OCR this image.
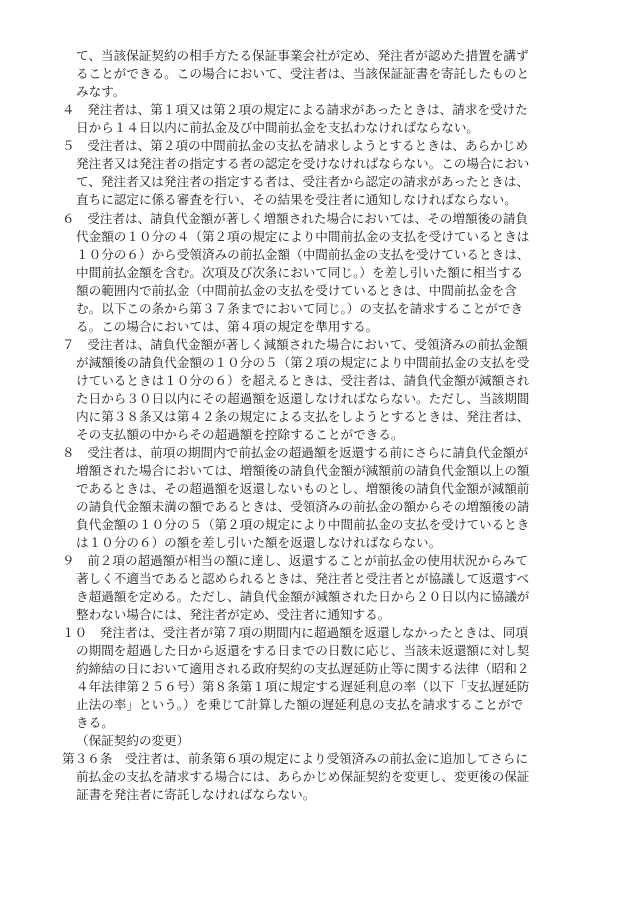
て、当該保証契約の相手方たる保証事業会社が定め、発注者が認めた措置を講ず
ることができる。この場合において、受注者は、当該保証証書を寄託したものと
みなす。
４　発注者は、第１項又は第２項の規定による請求があったときは、請求を受けた
日から１４日以内に前払金及び中間前払金を支払わなければならない。
５　受注者は、第２項の中間前払金の支払を請求しようとするときは、あらかじめ
発注者又は発注者の指定する者の認定を受けなければならない。この場合におい
て、発注者又は発注者の指定する者は、受注者から認定の請求があったときは、
直ちに認定に係る審査を行い、その結果を受注者に通知しなければならない。
６　受注者は、請負代金額が著しく増額された場合においては、その増額後の請負
代金額の１０分の４（第２項の規定により中間前払金の支払を受けているときは
１０分の６）から受領済みの前払金額（中間前払金の支払を受けているときは、
中間前払金額を含む。次項及び次条において同じ。）を差し引いた額に相当する
額の範囲内で前払金（中間前払金の支払を受けているときは、中間前払金を含
む。以下この条から第３７条までにおいて同じ。）の支払を請求することができ
る。この場合においては、第４項の規定を準用する。
７　受注者は、請負代金額が著しく減額された場合において、受領済みの前払金額
が減額後の請負代金額の１０分の５（第２項の規定により中間前払金の支払を受
けているときは１０分の６）を超えるときは、受注者は、請負代金額が減額され
た日から３０日以内にその超過額を返還しなければならない。ただし、当該期間
内に第３８条又は第４２条の規定による支払をしようとするときは、発注者は、
その支払額の中からその超過額を控除することができる。
８　受注者は、前項の期間内で前払金の超過額を返還する前にさらに請負代金額が
増額された場合においては、増額後の請負代金額が減額前の請負代金額以上の額
であるときは、その超過額を返還しないものとし、増額後の請負代金額が減額前
の請負代金額未満の額であるときは、受領済みの前払金の額からその増額後の請
負代金額の１０分の５（第２項の規定により中間前払金の支払を受けているとき
は１０分の６）の額を差し引いた額を返還しなければならない。
９　前２項の超過額が相当の額に達し、返還することが前払金の使用状況からみて
著しく不適当であると認められるときは、発注者と受注者とが協議して返還すべ
き超過額を定める。ただし、請負代金額が減額された日から２０日以内に協議が
整わない場合には、発注者が定め、受注者に通知する。
１０　発注者は、受注者が第７項の期間内に超過額を返還しなかったときは、同項
の期間を超過した日から返還をする日までの日数に応じ、当該未返還額に対し契
約締結の日において適用される政府契約の支払遅延防止等に関する法律（昭和２
４年法律第２５６号）第８条第１項に規定する遅延利息の率（以下「支払遅延防
止法の率」という。）を乗じて計算した額の遅延利息の支払を請求することがで
きる。
（保証契約の変更）
第３６条　受注者は、前条第６項の規定により受領済みの前払金に追加してさらに
前払金の支払を請求する場合には、あらかじめ保証契約を変更し、変更後の保証
証書を発注者に寄託しなければならない。
